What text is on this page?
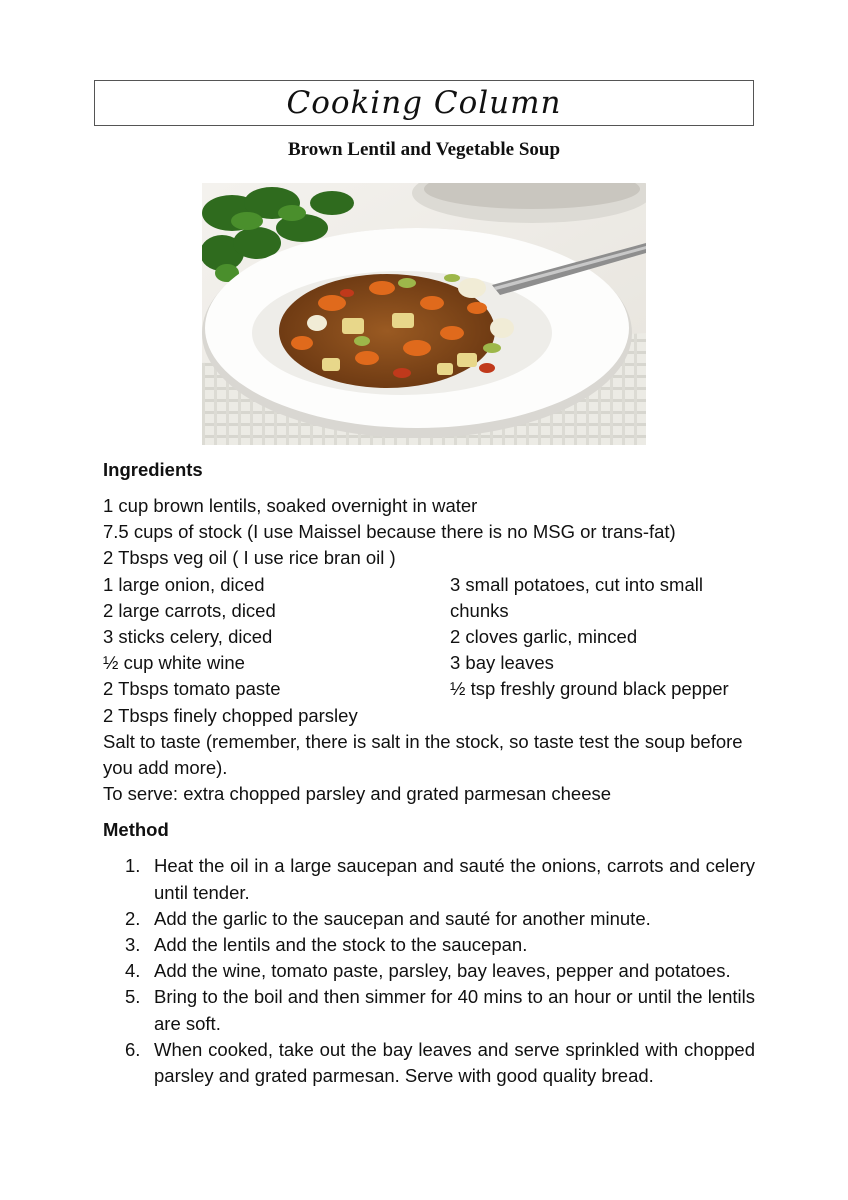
Cooking Column
Brown Lentil and Vegetable Soup
Ingredients
1 cup brown lentils, soaked overnight in water
7.5 cups of stock (I use Maissel because there is no MSG or trans-fat)
2 Tbsps veg oil ( I use rice bran oil )
1 large onion, diced
2 large carrots, diced
3 sticks celery, diced
½ cup white wine
2 Tbsps tomato paste
2 Tbsps finely chopped parsley
3 small potatoes, cut into small chunks
2 cloves garlic, minced
3 bay leaves
½ tsp freshly ground black pepper
Salt to taste (remember, there is salt in the stock, so taste test the soup before you add more).
To serve: extra chopped parsley and grated parmesan cheese
Method
1. Heat the oil in a large saucepan and sauté the onions, carrots and celery until tender.
2. Add the garlic to the saucepan and sauté for another minute.
3. Add the lentils and the stock to the saucepan.
4. Add the wine, tomato paste, parsley, bay leaves, pepper and potatoes.
5. Bring to the boil and then simmer for 40 mins to an hour or until the lentils are soft.
6. When cooked, take out the bay leaves and serve sprinkled with chopped parsley and grated parmesan. Serve with good quality bread.
